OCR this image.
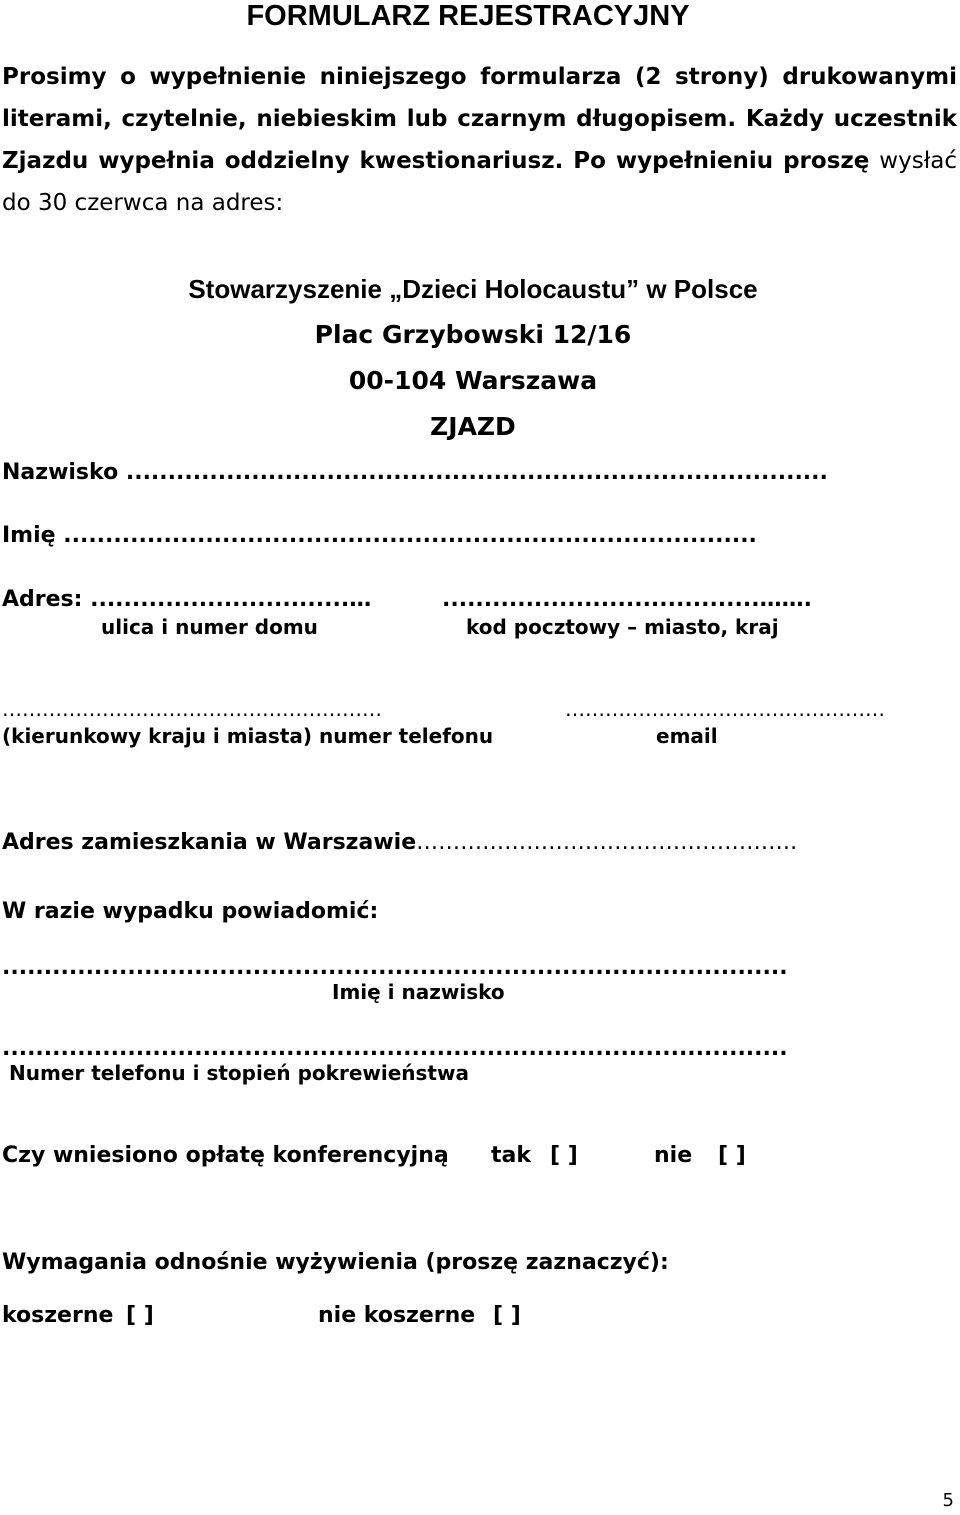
FORMULARZ REJESTRACYJNY
Prosimy o wypełnienie niniejszego formularza (2 strony) drukowanymi literami, czytelnie, niebieskim lub czarnym długopisem. Każdy uczestnik Zjazdu wypełnia oddzielny kwestionariusz. Po wypełnieniu proszę wysłać do 30 czerwca na adres:
Stowarzyszenie „Dzieci Holocaustu” w Polsce
Plac Grzybowski 12/16
00-104 Warszawa
ZJAZD
Nazwisko ....................................................................................
Imię ...................................................................................
Adres: ...............................…	......................................…….
ulica i numer domu	kod pocztowy – miasto, kraj
…………………………………………………	…………………………………………
(kierunkowy kraju i miasta) numer telefonu	email
Adres zamieszkania w Warszawie…………………………………………….
W razie wypadku powiadomić:
..............................................................................................
Imię i nazwisko
..............................................................................................
Numer telefonu i stopień pokrewieństwa
Czy wniesiono opłatę konferencyjną tak [ ]	nie [ ]
Wymagania odnośnie wyżywienia (proszę zaznaczyć):
koszerne [ ]	nie koszerne [ ]
5
